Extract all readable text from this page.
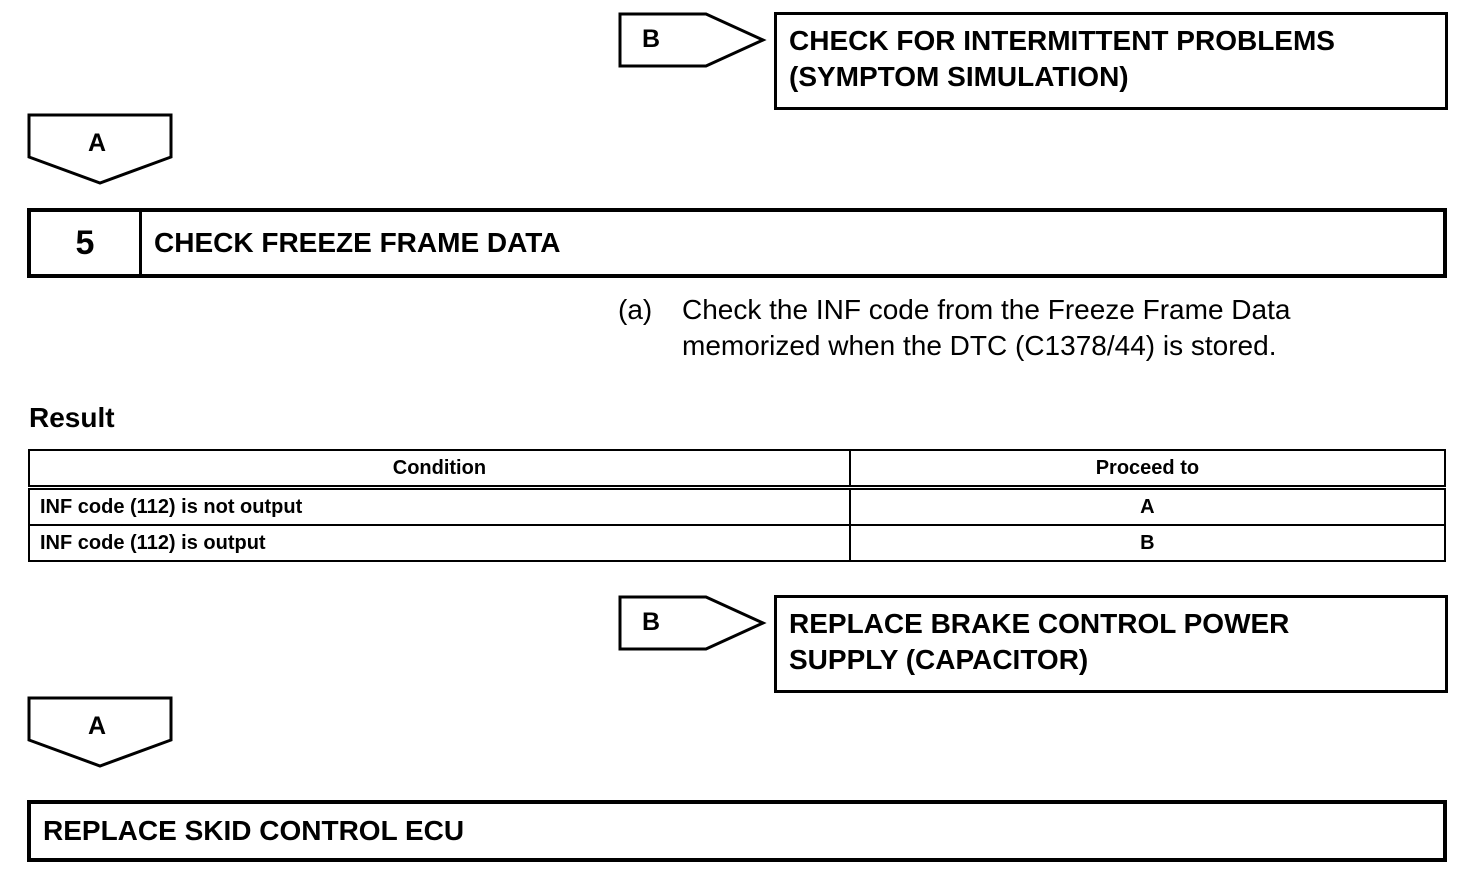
B	CHECK FOR INTERMITTENT PROBLEMS
(SYMPTOM SIMULATION)
A
5	CHECK FREEZE FRAME DATA
(a) Check the INF code from the Freeze Frame Data
memorized when the DTC (C1378/44) is stored.
Result
Condition	Proceed to
INF code (112) is not output	A
INF code (112) is output	B
B	REPLACE BRAKE CONTROL POWER
SUPPLY (CAPACITOR)
A
REPLACE SKID CONTROL ECU
